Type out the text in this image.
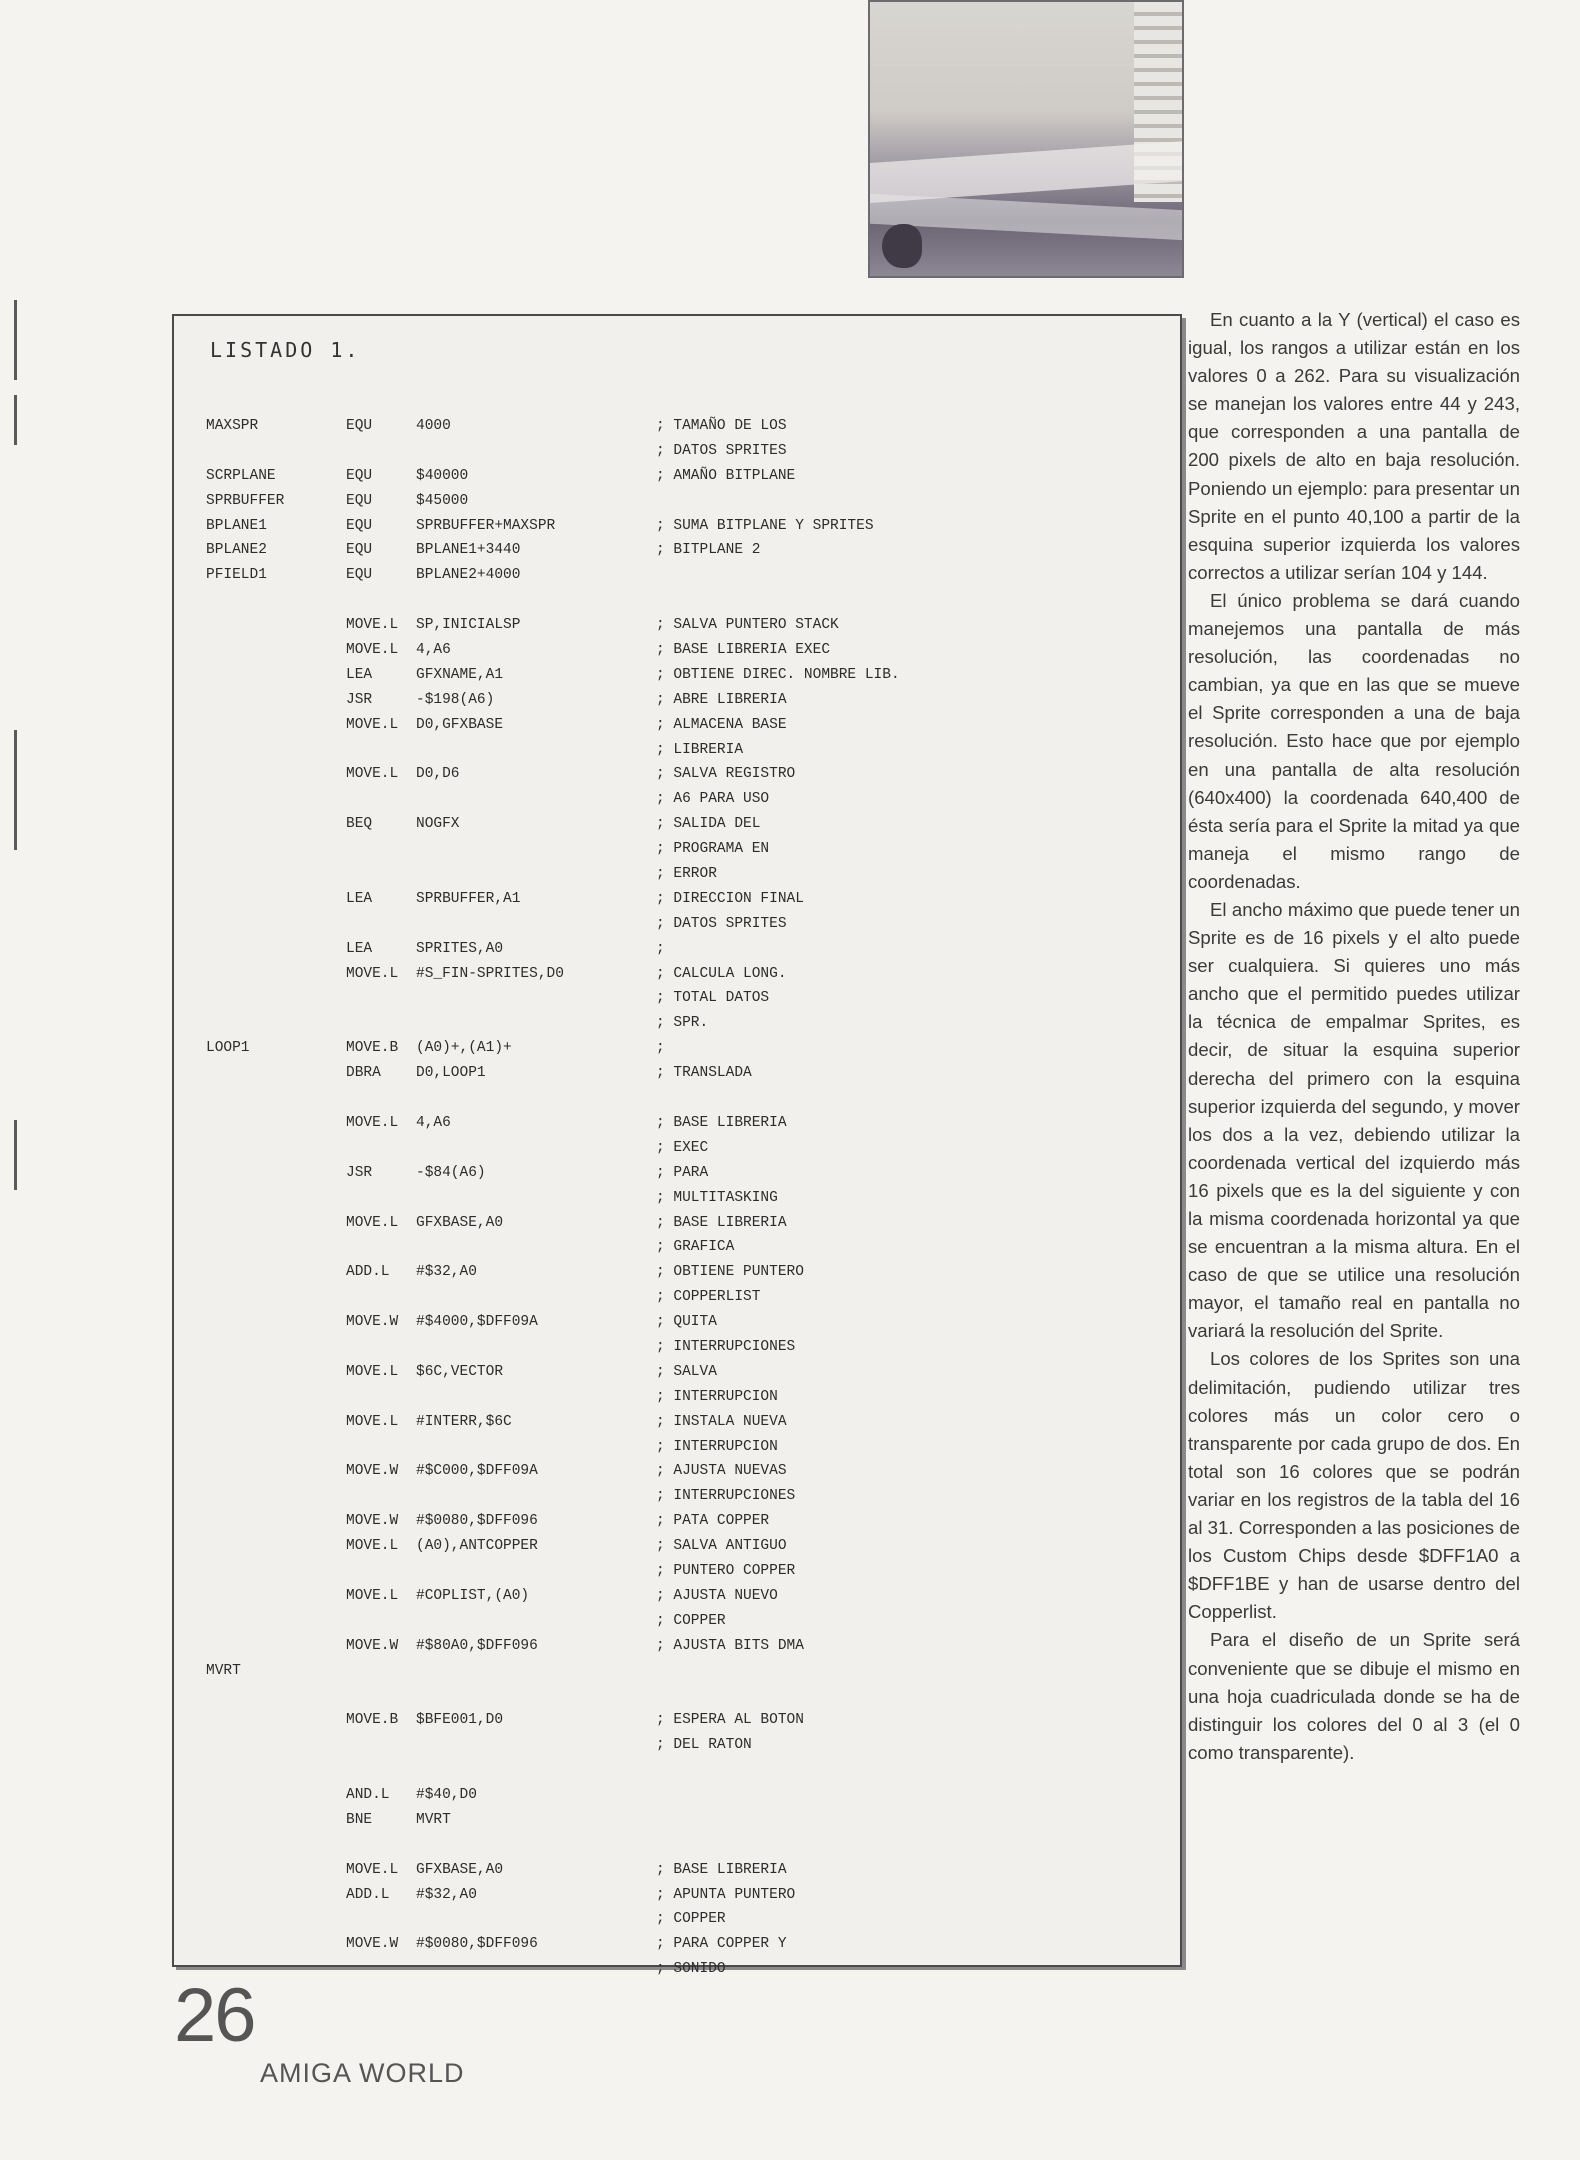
LISTADO 1.
MAXSPR	EQU	4000	; TAMAÑO DE LOS
; DATOS SPRITES
SCRPLANE	EQU	$40000	; AMAÑO BITPLANE
SPRBUFFER	EQU	$45000
BPLANE1	EQU	SPRBUFFER+MAXSPR	; SUMA BITPLANE Y SPRITES
BPLANE2	EQU	BPLANE1+3440	; BITPLANE 2
PFIELD1	EQU	BPLANE2+4000
MOVE.L SP,INICIALSP	; SALVA PUNTERO STACK
MOVE.L 4,A6	; BASE LIBRERIA EXEC
LEA	GFXNAME,A1	; OBTIENE DIREC. NOMBRE LIB.
JSR	-$198(A6)	; ABRE LIBRERIA
MOVE.L D0,GFXBASE	; ALMACENA BASE
; LIBRERIA
MOVE.L D0,D6	; SALVA REGISTRO
; A6 PARA USO
BEQ	NOGFX	; SALIDA DEL
; PROGRAMA EN
; ERROR
LEA	SPRBUFFER,A1	; DIRECCION FINAL
; DATOS SPRITES
LEA	SPRITES,A0	;
MOVE.L #S_FIN-SPRITES,D0	; CALCULA LONG.
; TOTAL DATOS
; SPR.
LOOP1	MOVE.B (A0)+,(A1)+	;
DBRA D0,LOOP1	; TRANSLADA
MOVE.L 4,A6	; BASE LIBRERIA
; EXEC
JSR	-$84(A6)	; PARA
; MULTITASKING
MOVE.L GFXBASE,A0	; BASE LIBRERIA
; GRAFICA
ADD.L #$32,A0	; OBTIENE PUNTERO
; COPPERLIST
MOVE.W #$4000,$DFF09A	; QUITA
; INTERRUPCIONES
MOVE.L $6C,VECTOR	; SALVA
; INTERRUPCION
MOVE.L #INTERR,$6C	; INSTALA NUEVA
; INTERRUPCION
MOVE.W #$C000,$DFF09A	; AJUSTA NUEVAS
; INTERRUPCIONES
MOVE.W #$0080,$DFF096	; PATA COPPER
MOVE.L (A0),ANTCOPPER	; SALVA ANTIGUO
; PUNTERO COPPER
MOVE.L #COPLIST,(A0)	; AJUSTA NUEVO
; COPPER
MOVE.W #$80A0,$DFF096	; AJUSTA BITS DMA
MVRT
MOVE.B $BFE001,D0	; ESPERA AL BOTON
; DEL RATON
AND.L #$40,D0
BNE	MVRT
MOVE.L GFXBASE,A0	; BASE LIBRERIA
ADD.L #$32,A0	; APUNTA PUNTERO
; COPPER
MOVE.W #$0080,$DFF096	; PARA COPPER Y
; SONIDO

En cuanto a la Y (vertical) el caso es igual, los rangos a utilizar están en los valores 0 a 262. Para su visualización se manejan los valores entre 44 y 243, que corresponden a una pantalla de 200 pixels de alto en baja resolución. Poniendo un ejemplo: para presentar un Sprite en el punto 40,100 a partir de la esquina superior izquierda los valores correctos a utilizar serían 104 y 144.

El único problema se dará cuando manejemos una pantalla de más resolución, las coordenadas no cambian, ya que en las que se mueve el Sprite corresponden a una de baja resolución. Esto hace que por ejemplo en una pantalla de alta resolución (640x400) la coordenada 640,400 de ésta sería para el Sprite la mitad ya que maneja el mismo rango de coordenadas.

El ancho máximo que puede tener un Sprite es de 16 pixels y el alto puede ser cualquiera. Si quieres uno más ancho que el permitido puedes utilizar la técnica de empalmar Sprites, es decir, de situar la esquina superior derecha del primero con la esquina superior izquierda del segundo, y mover los dos a la vez, debiendo utilizar la coordenada vertical del izquierdo más 16 pixels que es la del siguiente y con la misma coordenada horizontal ya que se encuentran a la misma altura. En el caso de que se utilice una resolución mayor, el tamaño real en pantalla no variará la resolución del Sprite.

Los colores de los Sprites son una delimitación, pudiendo utilizar tres colores más un color cero o transparente por cada grupo de dos. En total son 16 colores que se podrán variar en los registros de la tabla del 16 al 31. Corresponden a las posiciones de los Custom Chips desde $DFF1A0 a $DFF1BE y han de usarse dentro del Copperlist.

Para el diseño de un Sprite será conveniente que se dibuje el mismo en una hoja cuadriculada donde se ha de distinguir los colores del 0 al 3 (el 0 como transparente).

26
AMIGA WORLD
